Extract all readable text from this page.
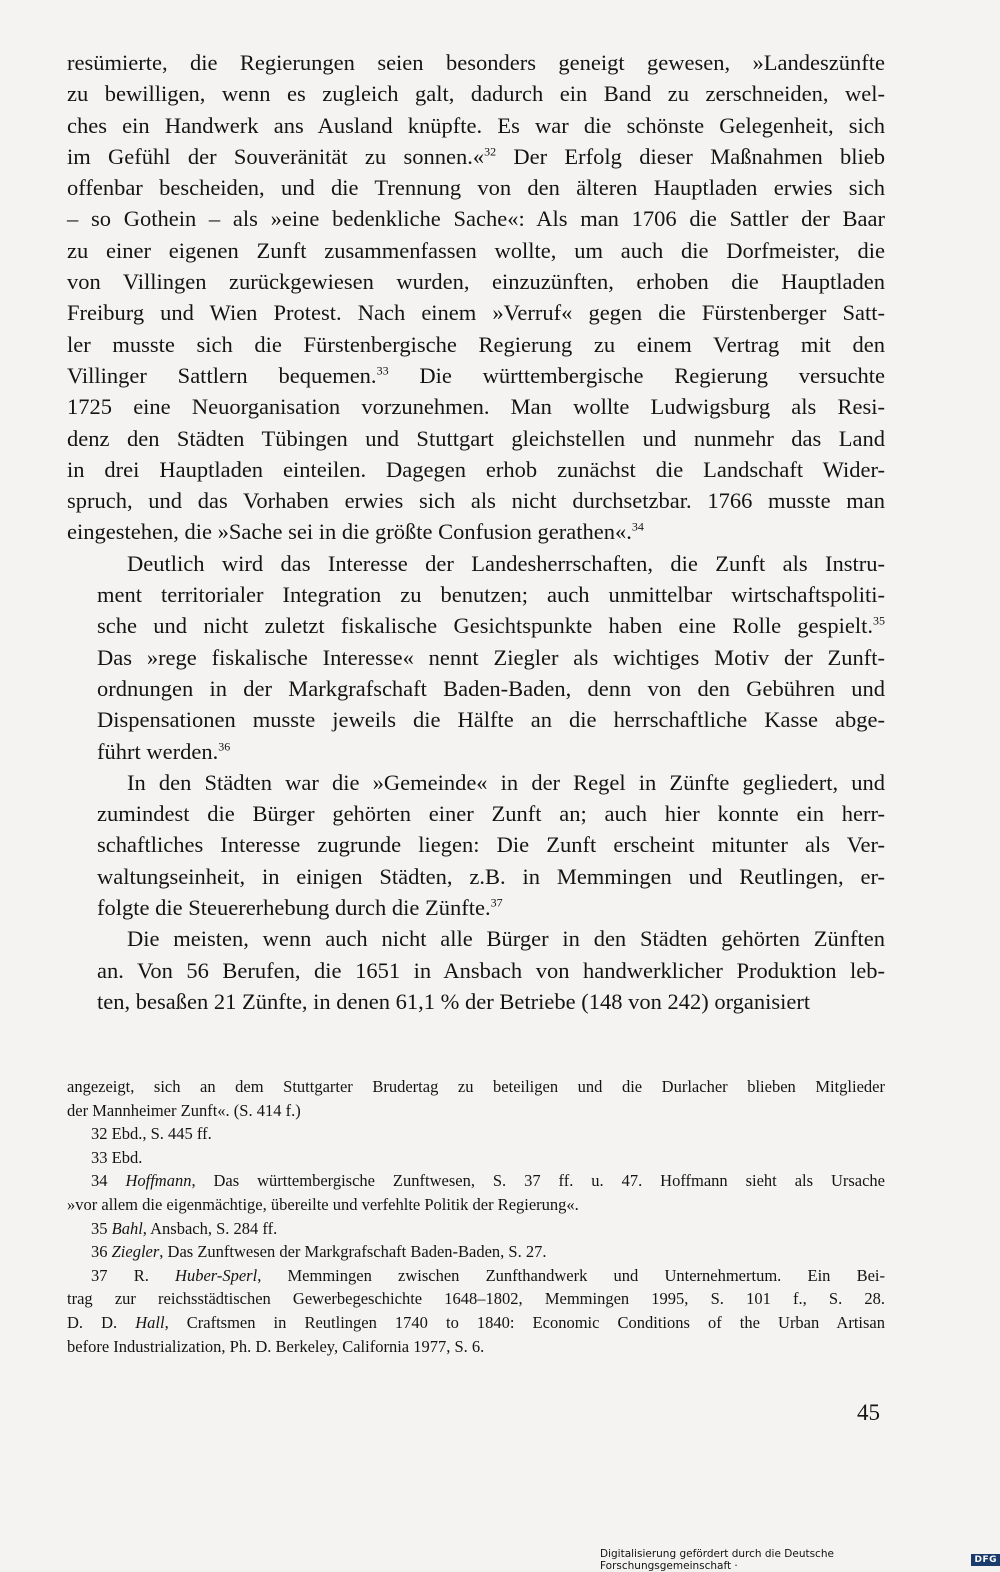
resümierte, die Regierungen seien besonders geneigt gewesen, »Landeszünfte
zu bewilligen, wenn es zugleich galt, dadurch ein Band zu zerschneiden, wel-
ches ein Handwerk ans Ausland knüpfte. Es war die schönste Gelegenheit, sich
im Gefühl der Souveränität zu sonnen.«$^{32}$ Der Erfolg dieser Maßnahmen blieb
offenbar bescheiden, und die Trennung von den älteren Hauptladen erwies sich
– so Gothein – als »eine bedenkliche Sache«: Als man 1706 die Sattler der Baar
zu einer eigenen Zunft zusammenfassen wollte, um auch die Dorfmeister, die
von Villingen zurückgewiesen wurden, einzuzünften, erhoben die Hauptladen
Freiburg und Wien Protest. Nach einem »Verruf« gegen die Fürstenberger Satt-
ler musste sich die Fürstenbergische Regierung zu einem Vertrag mit den
Villinger Sattlern bequemen.$^{33}$ Die württembergische Regierung versuchte
1725 eine Neuorganisation vorzunehmen. Man wollte Ludwigsburg als Resi-
denz den Städten Tübingen und Stuttgart gleichstellen und nunmehr das Land
in drei Hauptladen einteilen. Dagegen erhob zunächst die Landschaft Wider-
spruch, und das Vorhaben erwies sich als nicht durchsetzbar. 1766 musste man
eingestehen, die »Sache sei in die größte Confusion gerathen«.$^{34}$
Deutlich wird das Interesse der Landesherrschaften, die Zunft als Instru-
ment territorialer Integration zu benutzen; auch unmittelbar wirtschaftspoliti-
sche und nicht zuletzt fiskalische Gesichtspunkte haben eine Rolle gespielt.$^{35}$
Das »rege fiskalische Interesse« nennt Ziegler als wichtiges Motiv der Zunft-
ordnungen in der Markgrafschaft Baden-Baden, denn von den Gebühren und
Dispensationen musste jeweils die Hälfte an die herrschaftliche Kasse abge-
führt werden.$^{36}$
In den Städten war die »Gemeinde« in der Regel in Zünfte gegliedert, und
zumindest die Bürger gehörten einer Zunft an; auch hier konnte ein herr-
schaftliches Interesse zugrunde liegen: Die Zunft erscheint mitunter als Ver-
waltungseinheit, in einigen Städten, z.B. in Memmingen und Reutlingen, er-
folgte die Steuererhebung durch die Zünfte.$^{37}$
Die meisten, wenn auch nicht alle Bürger in den Städten gehörten Zünften
an. Von 56 Berufen, die 1651 in Ansbach von handwerklicher Produktion leb-
ten, besaßen 21 Zünfte, in denen 61,1 % der Betriebe (148 von 242) organisiert
angezeigt, sich an dem Stuttgarter Brudertag zu beteiligen und die Durlacher blieben Mitglieder
der Mannheimer Zunft«. (S. 414 f.)
32 Ebd., S. 445 ff.
33 Ebd.
34 Hoffmann, Das württembergische Zunftwesen, S. 37 ff. u. 47. Hoffmann sieht als Ursache
»vor allem die eigenmächtige, übereilte und verfehlte Politik der Regierung«.
35 Bahl, Ansbach, S. 284 ff.
36 Ziegler, Das Zunftwesen der Markgrafschaft Baden-Baden, S. 27.
37 R. Huber-Sperl, Memmingen zwischen Zunfthandwerk und Unternehmertum. Ein Bei-
trag zur reichsstädtischen Gewerbegeschichte 1648–1802, Memmingen 1995, S. 101 f., S. 28.
D. D. Hall, Craftsmen in Reutlingen 1740 to 1840: Economic Conditions of the Urban Artisan
before Industrialization, Ph. D. Berkeley, California 1977, S. 6.
45
Digitalisierung gefördert durch die Deutsche Forschungsgemeinschaft ·	DFG
